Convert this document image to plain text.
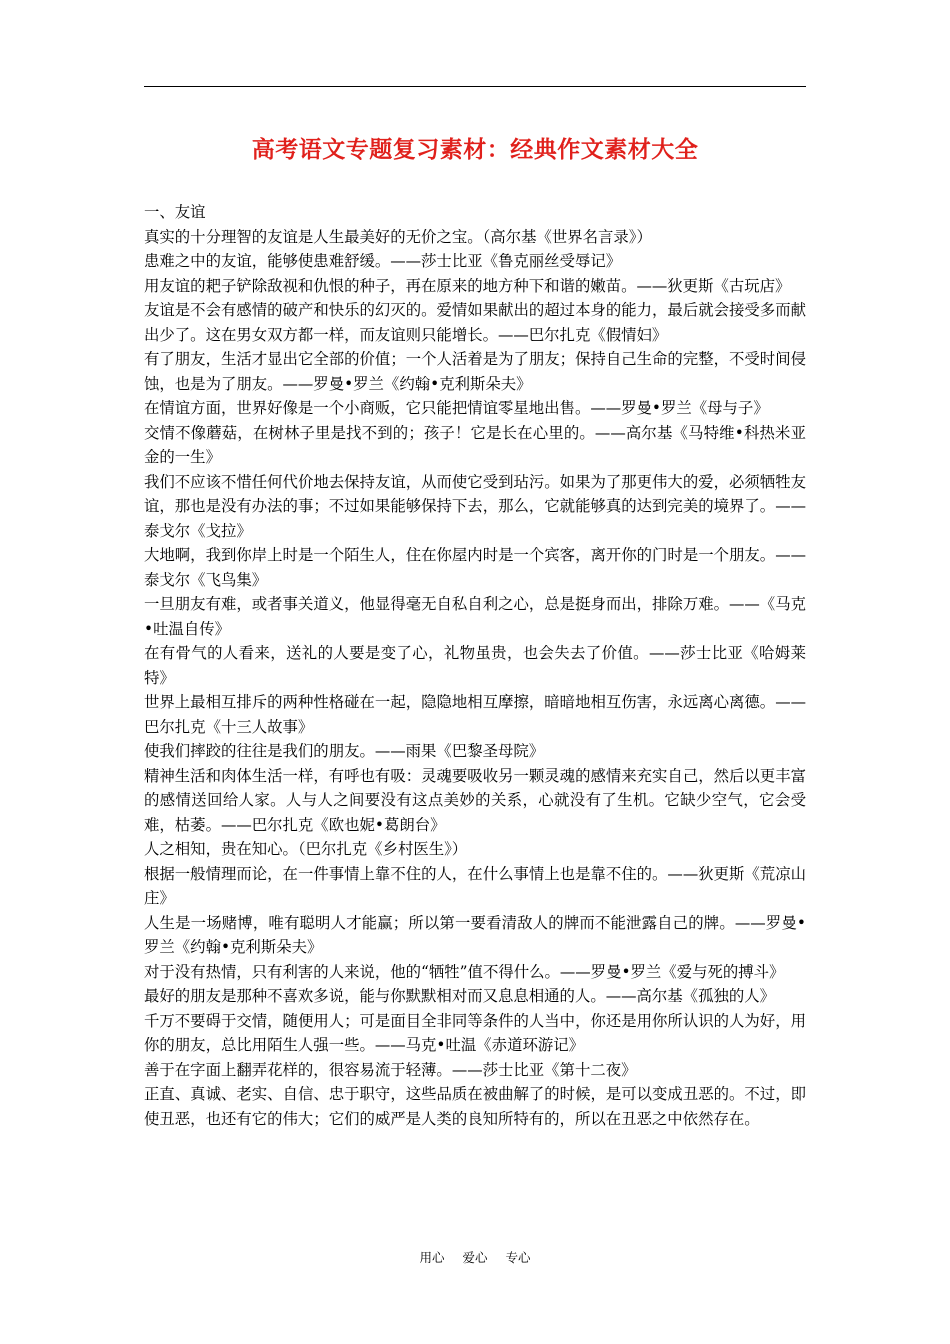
高考语文专题复习素材：经典作文素材大全

一、友谊

真实的十分理智的友谊是人生最美好的无价之宝。（高尔基《世界名言录》）

患难之中的友谊，能够使患难舒缓。——莎士比亚《鲁克丽丝受辱记》

用友谊的耙子铲除敌视和仇恨的种子，再在原来的地方种下和谐的嫩苗。——狄更斯《古玩店》

友谊是不会有感情的破产和快乐的幻灭的。爱情如果献出的超过本身的能力，最后就会接受多而献出少了。这在男女双方都一样，而友谊则只能增长。——巴尔扎克《假情妇》

有了朋友，生活才显出它全部的价值；一个人活着是为了朋友；保持自己生命的完整，不受时间侵蚀，也是为了朋友。——罗曼•罗兰《约翰•克利斯朵夫》

在情谊方面，世界好像是一个小商贩，它只能把情谊零星地出售。——罗曼•罗兰《母与子》

交情不像蘑菇，在树林子里是找不到的；孩子！它是长在心里的。——高尔基《马特维•科热米亚金的一生》

我们不应该不惜任何代价地去保持友谊，从而使它受到玷污。如果为了那更伟大的爱，必须牺牲友谊，那也是没有办法的事；不过如果能够保持下去，那么，它就能够真的达到完美的境界了。——泰戈尔《戈拉》

大地啊，我到你岸上时是一个陌生人，住在你屋内时是一个宾客，离开你的门时是一个朋友。——泰戈尔《飞鸟集》

一旦朋友有难，或者事关道义，他显得毫无自私自利之心，总是挺身而出，排除万难。——《马克•吐温自传》

在有骨气的人看来，送礼的人要是变了心，礼物虽贵，也会失去了价值。——莎士比亚《哈姆莱特》

世界上最相互排斥的两种性格碰在一起，隐隐地相互摩擦，暗暗地相互伤害，永远离心离德。——巴尔扎克《十三人故事》

使我们摔跤的往往是我们的朋友。——雨果《巴黎圣母院》

精神生活和肉体生活一样，有呼也有吸：灵魂要吸收另一颗灵魂的感情来充实自己，然后以更丰富的感情送回给人家。人与人之间要没有这点美妙的关系，心就没有了生机。它缺少空气，它会受难，枯萎。——巴尔扎克《欧也妮•葛朗台》

人之相知，贵在知心。（巴尔扎克《乡村医生》）

根据一般情理而论，在一件事情上靠不住的人，在什么事情上也是靠不住的。——狄更斯《荒凉山庄》

人生是一场赌博，唯有聪明人才能赢；所以第一要看清敌人的牌而不能泄露自己的牌。——罗曼•罗兰《约翰•克利斯朵夫》

对于没有热情，只有利害的人来说，他的“牺牲”值不得什么。——罗曼•罗兰《爱与死的搏斗》

最好的朋友是那种不喜欢多说，能与你默默相对而又息息相通的人。——高尔基《孤独的人》

千万不要碍于交情，随便用人；可是面目全非同等条件的人当中，你还是用你所认识的人为好，用你的朋友，总比用陌生人强一些。——马克•吐温《赤道环游记》

善于在字面上翻弄花样的，很容易流于轻薄。——莎士比亚《第十二夜》

正直、真诚、老实、自信、忠于职守，这些品质在被曲解了的时候，是可以变成丑恶的。不过，即使丑恶，也还有它的伟大；它们的威严是人类的良知所特有的，所以在丑恶之中依然存在。

用心 爱心 专心
